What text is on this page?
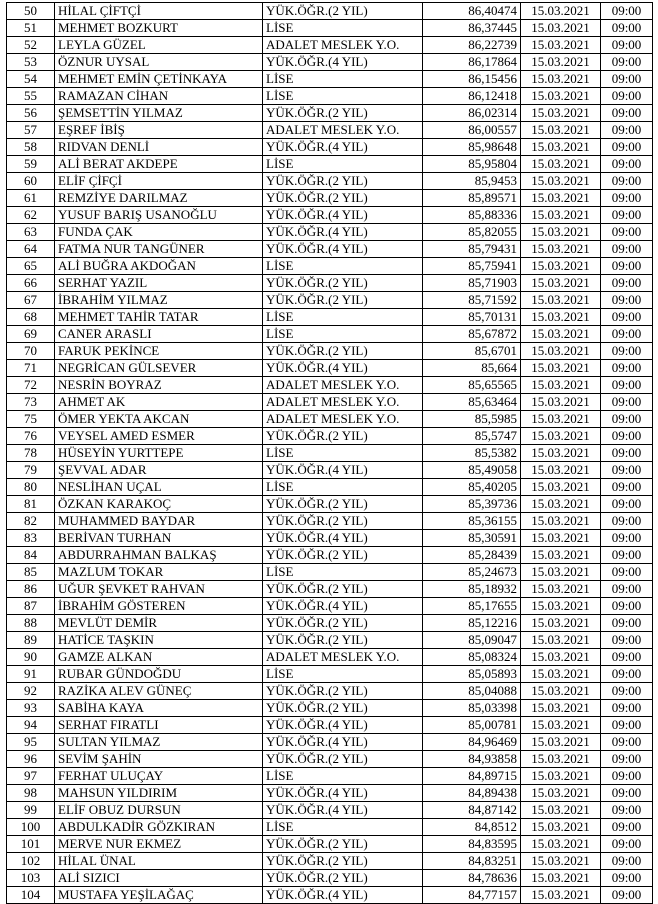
50	HİLAL ÇİFTÇİ	YÜK.ÖĞR.(2 YIL)	86,40474	15.03.2021	09:00
51	MEHMET BOZKURT	LİSE	86,37445	15.03.2021	09:00
52	LEYLA GÜZEL	ADALET MESLEK Y.O.	86,22739	15.03.2021	09:00
53	ÖZNUR UYSAL	YÜK.ÖĞR.(4 YIL)	86,17864	15.03.2021	09:00
54	MEHMET EMİN ÇETİNKAYA	LİSE	86,15456	15.03.2021	09:00
55	RAMAZAN CİHAN	LİSE	86,12418	15.03.2021	09:00
56	ŞEMSETTİN YILMAZ	YÜK.ÖĞR.(2 YIL)	86,02314	15.03.2021	09:00
57	EŞREF İBİŞ	ADALET MESLEK Y.O.	86,00557	15.03.2021	09:00
58	RIDVAN DENLİ	YÜK.ÖĞR.(4 YIL)	85,98648	15.03.2021	09:00
59	ALİ BERAT AKDEPE	LİSE	85,95804	15.03.2021	09:00
60	ELİF ÇİFÇİ	YÜK.ÖĞR.(2 YIL)	85,9453	15.03.2021	09:00
61	REMZİYE DARILMAZ	YÜK.ÖĞR.(2 YIL)	85,89571	15.03.2021	09:00
62	YUSUF BARIŞ USANOĞLU	YÜK.ÖĞR.(4 YIL)	85,88336	15.03.2021	09:00
63	FUNDA ÇAK	YÜK.ÖĞR.(4 YIL)	85,82055	15.03.2021	09:00
64	FATMA NUR TANGÜNER	YÜK.ÖĞR.(4 YIL)	85,79431	15.03.2021	09:00
65	ALİ BUĞRA AKDOĞAN	LİSE	85,75941	15.03.2021	09:00
66	SERHAT YAZIL	YÜK.ÖĞR.(2 YIL)	85,71903	15.03.2021	09:00
67	İBRAHİM YILMAZ	YÜK.ÖĞR.(2 YIL)	85,71592	15.03.2021	09:00
68	MEHMET TAHİR TATAR	LİSE	85,70131	15.03.2021	09:00
69	CANER ARASLI	LİSE	85,67872	15.03.2021	09:00
70	FARUK PEKİNCE	YÜK.ÖĞR.(2 YIL)	85,6701	15.03.2021	09:00
71	NEGRİCAN GÜLSEVER	YÜK.ÖĞR.(4 YIL)	85,664	15.03.2021	09:00
72	NESRİN BOYRAZ	ADALET MESLEK Y.O.	85,65565	15.03.2021	09:00
73	AHMET AK	ADALET MESLEK Y.O.	85,63464	15.03.2021	09:00
75	ÖMER YEKTA AKCAN	ADALET MESLEK Y.O.	85,5985	15.03.2021	09:00
76	VEYSEL AMED ESMER	YÜK.ÖĞR.(2 YIL)	85,5747	15.03.2021	09:00
78	HÜSEYİN YURTTEPE	LİSE	85,5382	15.03.2021	09:00
79	ŞEVVAL ADAR	YÜK.ÖĞR.(4 YIL)	85,49058	15.03.2021	09:00
80	NESLİHAN UÇAL	LİSE	85,40205	15.03.2021	09:00
81	ÖZKAN KARAKOÇ	YÜK.ÖĞR.(2 YIL)	85,39736	15.03.2021	09:00
82	MUHAMMED BAYDAR	YÜK.ÖĞR.(2 YIL)	85,36155	15.03.2021	09:00
83	BERİVAN TURHAN	YÜK.ÖĞR.(4 YIL)	85,30591	15.03.2021	09:00
84	ABDURRAHMAN BALKAŞ	YÜK.ÖĞR.(2 YIL)	85,28439	15.03.2021	09:00
85	MAZLUM TOKAR	LİSE	85,24673	15.03.2021	09:00
86	UĞUR ŞEVKET RAHVAN	YÜK.ÖĞR.(2 YIL)	85,18932	15.03.2021	09:00
87	İBRAHİM GÖSTEREN	YÜK.ÖĞR.(4 YIL)	85,17655	15.03.2021	09:00
88	MEVLÜT DEMİR	YÜK.ÖĞR.(2 YIL)	85,12216	15.03.2021	09:00
89	HATİCE TAŞKIN	YÜK.ÖĞR.(2 YIL)	85,09047	15.03.2021	09:00
90	GAMZE ALKAN	ADALET MESLEK Y.O.	85,08324	15.03.2021	09:00
91	RUBAR GÜNDOĞDU	LİSE	85,05893	15.03.2021	09:00
92	RAZİKA ALEV GÜNEÇ	YÜK.ÖĞR.(2 YIL)	85,04088	15.03.2021	09:00
93	SABİHA KAYA	YÜK.ÖĞR.(2 YIL)	85,03398	15.03.2021	09:00
94	SERHAT FIRATLI	YÜK.ÖĞR.(4 YIL)	85,00781	15.03.2021	09:00
95	SULTAN YILMAZ	YÜK.ÖĞR.(4 YIL)	84,96469	15.03.2021	09:00
96	SEVİM ŞAHİN	YÜK.ÖĞR.(2 YIL)	84,93858	15.03.2021	09:00
97	FERHAT ULUÇAY	LİSE	84,89715	15.03.2021	09:00
98	MAHSUN YILDIRIM	YÜK.ÖĞR.(4 YIL)	84,89438	15.03.2021	09:00
99	ELİF OBUZ DURSUN	YÜK.ÖĞR.(4 YIL)	84,87142	15.03.2021	09:00
100	ABDULKADİR GÖZKIRAN	LİSE	84,8512	15.03.2021	09:00
101	MERVE NUR EKMEZ	YÜK.ÖĞR.(2 YIL)	84,83595	15.03.2021	09:00
102	HİLAL ÜNAL	YÜK.ÖĞR.(2 YIL)	84,83251	15.03.2021	09:00
103	ALİ SIZICI	YÜK.ÖĞR.(2 YIL)	84,78636	15.03.2021	09:00
104	MUSTAFA YEŞİLAĞAÇ	YÜK.ÖĞR.(4 YIL)	84,77157	15.03.2021	09:00
